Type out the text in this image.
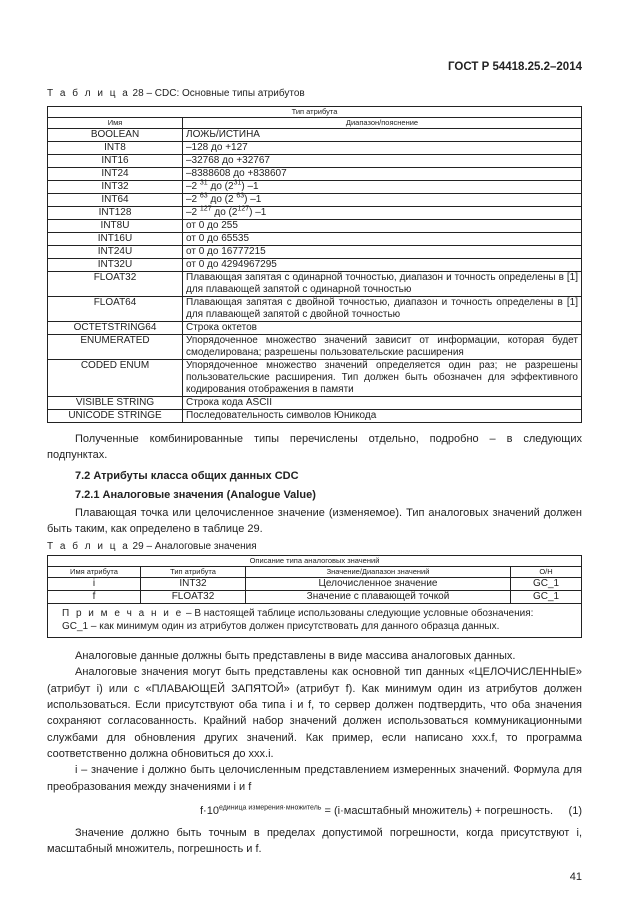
ГОСТ Р 54418.25.2–2014
Т а б л и ц а 28 – CDC: Основные типы атрибутов
Тип атрибута	
Имя	Диапазон/пояснение
BOOLEAN	ЛОЖЬ/ИСТИНА
INT8	–128 до +127
INT16	–32768 до +32767
INT24	–8388608 до +838607
INT32	–2 $^{31}$ до $(2^{31})$ –1
INT64	–2 $^{63}$ до (2 $^{63}$) –1
INT128	–2 $^{127}$ до $(2^{127})$ –1
INT8U	от 0 до 255
INT16U	от 0 до 65535
INT24U	от 0 до 16777215
INT32U	от 0 до 4294967295
FLOAT32	Плавающая запятая с одинарной точностью, диапазон и точность определены в [1] для плавающей запятой с одинарной точностью
FLOAT64	Плавающая запятая с двойной точностью, диапазон и точность определены в [1] для плавающей запятой с двойной точностью
OCTETSTRING64	Строка октетов
ENUMERATED	Упорядоченное множество значений зависит от информации, которая будет смоделирована; разрешены пользовательские расширения
CODED ENUM	Упорядоченное множество значений определяется один раз; не разрешены пользовательские расширения. Тип должен быть обозначен для эффективного кодирования отображения в памяти
VISIBLE STRING	Строка кода ASCII
UNICODE STRINGE	Последовательность символов Юникода
Полученные комбинированные типы перечислены отдельно, подробно – в следующих подпунктах.
7.2 Атрибуты класса общих данных CDC
7.2.1 Аналоговые значения (Analogue Value)
Плавающая точка или целочисленное значение (изменяемое). Тип аналоговых значений должен быть таким, как определено в таблице 29.
Т а б л и ц а 29 – Аналоговые значения
Описание типа аналоговых значений			
Имя атрибута	Тип атрибута	Значение/Диапазон значений	О/Н
i	INT32	Целочисленное значение	GC_1
f	FLOAT32	Значение с плавающей точкой	GC_1
П р и м е ч а н и е – В настоящей таблице использованы следующие условные обозначения:
GC_1 – как минимум один из атрибутов должен присутствовать для данного образца данных.			
Аналоговые данные должны быть представлены в виде массива аналоговых данных.
Аналоговые значения могут быть представлены как основной тип данных «ЦЕЛОЧИСЛЕННЫЕ» (атрибут i) или с «ПЛАВАЮЩЕЙ ЗАПЯТОЙ» (атрибут f). Как минимум один из атрибутов должен использоваться. Если присутствуют оба типа i и f, то сервер должен подтвердить, что оба значения сохраняют согласованность. Крайний набор значений должен использоваться коммуникационными службами для обновления других значений. Как пример, если написано xxx.f, то программа соответственно должна обновиться до xxx.i.
i – значение i должно быть целочисленным представлением измеренных значений. Формула для преобразования между значениями i и f
$f\cdot 10^{единица измерения\cdot множитель}$ = (i·масштабный множитель) + погрешность. (1)
Значение должно быть точным в пределах допустимой погрешности, когда присутствуют i, масштабный множитель, погрешность и f.
41
